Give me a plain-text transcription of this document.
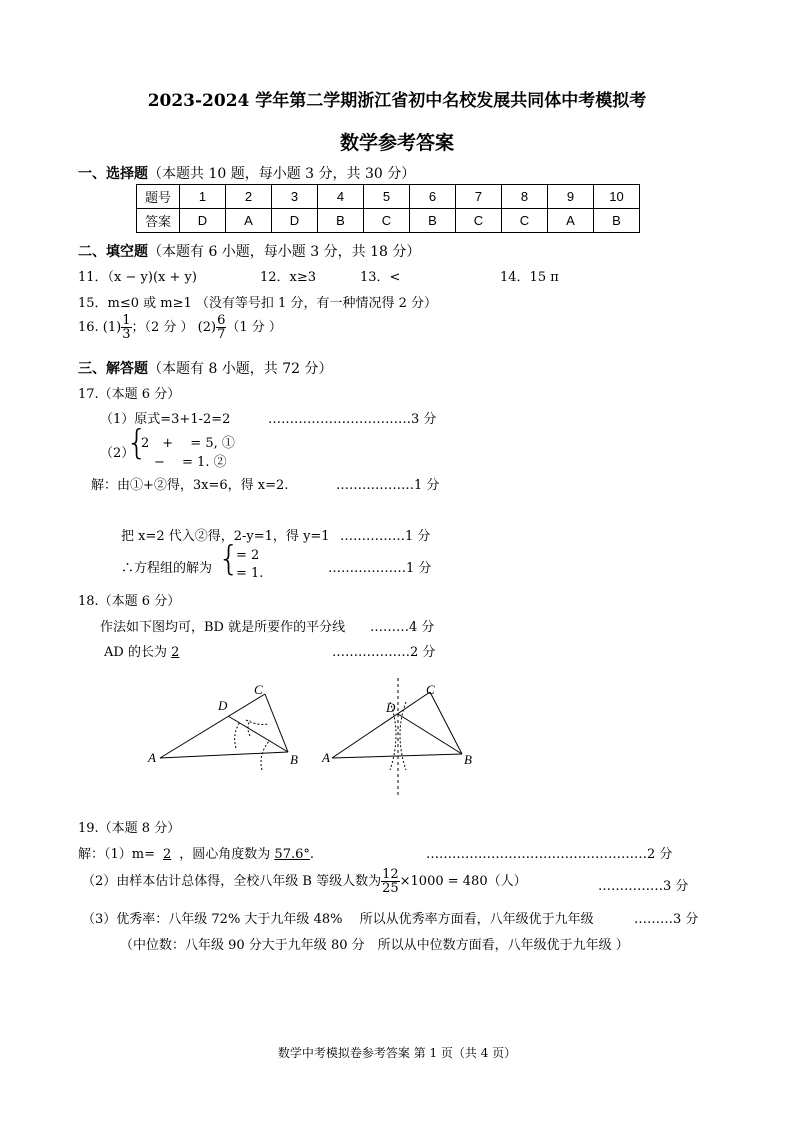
2023-2024 学年第二学期浙江省初中名校发展共同体中考模拟考
数学参考答案
一、选择题（本题共 10 题，每小题 3 分，共 30 分）
题号	1	2	3	4	5	6	7	8	9	10
答案	D	A	D	B	C	B	C	C	A	B
二、填空题（本题有 6 小题，每小题 3 分，共 18 分）
11．（x − y)(x + y)	12．x≥3	13．<	14．15 π
15．m≤0 或 m≥1 （没有等号扣 1 分，有一种情况得 2 分）
16. $(1) \frac{1}{3}$ ；（2 分 ） $(2) \frac{6}{7} (1$ 分 ）
三、解答题（本题有 8 小题，共 72 分）
17.（本题 6 分）
（1）原式=3+1-2=2	……………………………3 分
（2）
{
2　+　 = 5, ①
　−　 = 1. ②
解：由①+②得，3x=6，得 x=2.	………………1 分
把 x=2 代入②得，2-y=1，得 y=1 ……………1 分
∴方程组的解为 {
= 2
= 1.	………………1 分
18.（本题 6 分）
作法如下图均可，BD 就是所要作的平分线 ………4 分
AD 的长为 2	………………2 分
A	B
C
D
A	B
C
D
19.（本题 8 分）
解：（1）m= 2 ，圆心角度数为 57.6°.	……………………………………………2 分
（2）由样本估计总体得，全校八年级 B 等级人数为 $\frac{12}{25} \times 1000 = 480$（人）	……………3 分
（3）优秀率：八年级 72% 大于九年级 48%　 所以从优秀率方面看，八年级优于九年级	………3 分
（中位数：八年级 90 分大于九年级 80 分　所以从中位数方面看，八年级优于九年级 ）
数学中考模拟卷参考答案 第 1 页（共 4 页）
